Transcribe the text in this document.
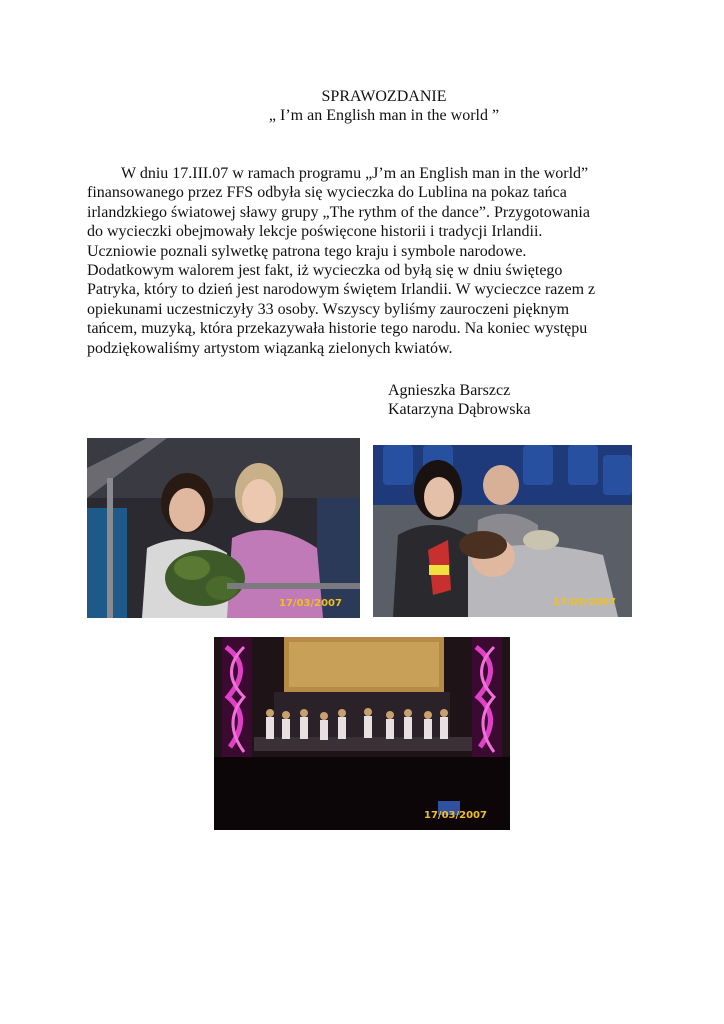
SPRAWOZDANIE
„ I’m an English man in the world ”

W dniu 17.III.07 w ramach programu „J’m an English man in the world”
finansowanego przez FFS odbyła się wycieczka do Lublina na pokaz tańca
irlandzkiego światowej sławy grupy „The rythm of the dance”. Przygotowania
do wycieczki obejmowały lekcje poświęcone historii i tradycji Irlandii.
Uczniowie poznali sylwetkę patrona tego kraju i symbole narodowe.
Dodatkowym walorem jest fakt, iż wycieczka od byłą się w dniu świętego
Patryka, który to dzień jest narodowym świętem Irlandii. W wycieczce razem z
opiekunami uczestniczyły 33 osoby. Wszyscy byliśmy zauroczeni pięknym
tańcem, muzyką, która przekazywała historie tego narodu. Na koniec występu
podziękowaliśmy artystom wiązanką zielonych kwiatów.

Agnieszka Barszcz
Katarzyna Dąbrowska
17/03/2007	17/03/2007
17/03/2007
